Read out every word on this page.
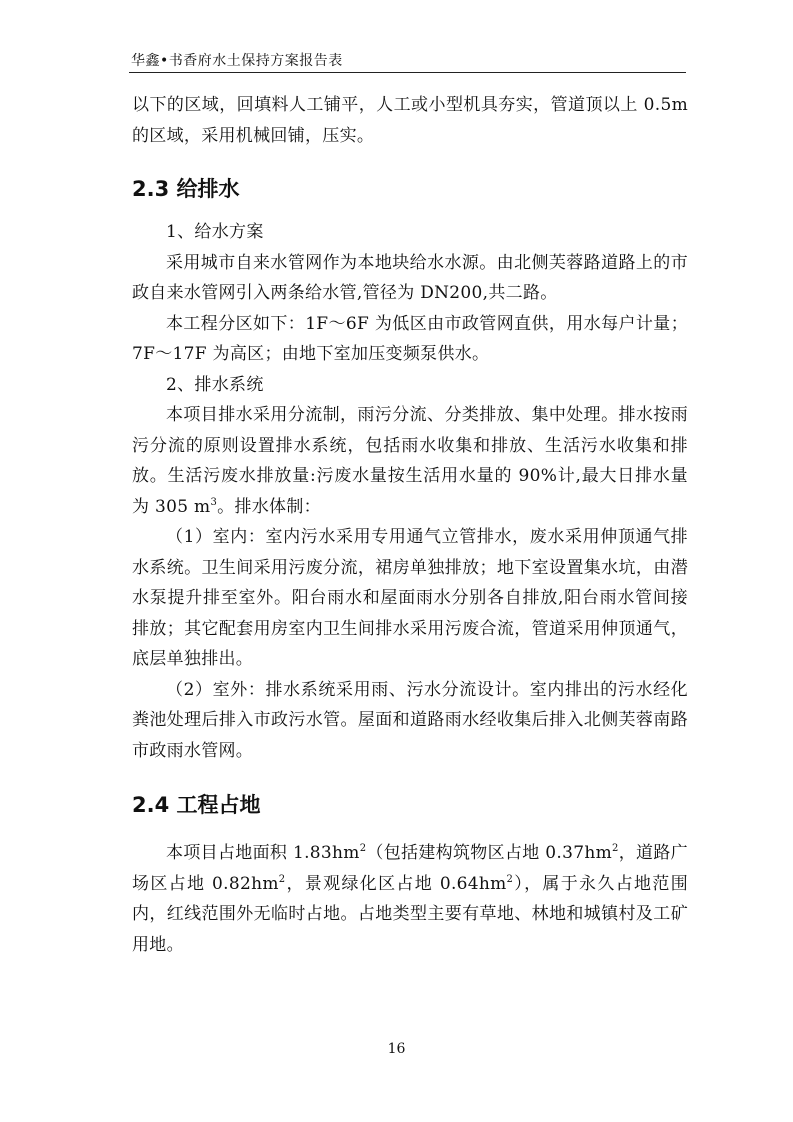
华鑫•书香府水土保持方案报告表

以下的区域，回填料人工铺平，人工或小型机具夯实，管道顶以上 0.5m 的区域，采用机械回铺，压实。

2.3 给排水

1、给水方案

采用城市自来水管网作为本地块给水水源。由北侧芙蓉路道路上的市政自来水管网引入两条给水管,管径为 DN200,共二路。

本工程分区如下：1F～6F 为低区由市政管网直供，用水每户计量； 7F～17F 为高区；由地下室加压变频泵供水。

2、排水系统

本项目排水采用分流制，雨污分流、分类排放、集中处理。排水按雨污分流的原则设置排水系统，包括雨水收集和排放、生活污水收集和排放。生活污废水排放量:污废水量按生活用水量的 90%计,最大日排水量为 305 $m^3$。排水体制：

（1）室内：室内污水采用专用通气立管排水，废水采用伸顶通气排水系统。卫生间采用污废分流，裙房单独排放；地下室设置集水坑，由潜水泵提升排至室外。阳台雨水和屋面雨水分别各自排放,阳台雨水管间接排放；其它配套用房室内卫生间排水采用污废合流，管道采用伸顶通气，底层单独排出。

（2）室外：排水系统采用雨、污水分流设计。室内排出的污水经化粪池处理后排入市政污水管。屋面和道路雨水经收集后排入北侧芙蓉南路市政雨水管网。

2.4 工程占地

本项目占地面积 $1.83hm^2$（包括建构筑物区占地 $0.37hm^2$，道路广场区占地 $0.82hm^2$，景观绿化区占地 $0.64hm^2$），属于永久占地范围内，红线范围外无临时占地。占地类型主要有草地、林地和城镇村及工矿用地。

16
